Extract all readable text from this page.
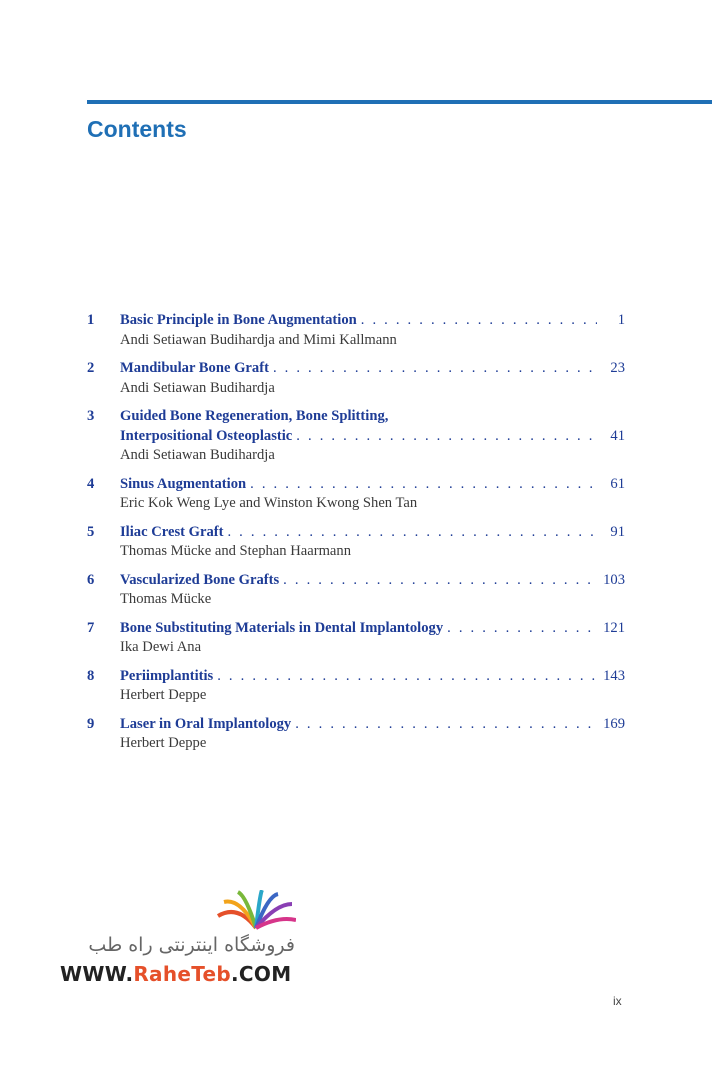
Contents
1	Basic Principle in Bone Augmentation . . .	1
Andi Setiawan Budihardja and Mimi Kallmann
2	Mandibular Bone Graft . . .	23
Andi Setiawan Budihardja
3	Guided Bone Regeneration, Bone Splitting,
Interpositional Osteoplastic . . .	41
Andi Setiawan Budihardja
4	Sinus Augmentation . . .	61
Eric Kok Weng Lye and Winston Kwong Shen Tan
5	Iliac Crest Graft . . .	91
Thomas Mücke and Stephan Haarmann
6	Vascularized Bone Grafts . . .	103
Thomas Mücke
7	Bone Substituting Materials in Dental Implantology . . .	121
Ika Dewi Ana
8	Periimplantitis . . .	143
Herbert Deppe
9	Laser in Oral Implantology . . .	169
Herbert Deppe
فروشگاه اینترنتی راه طب
WWW.RaheTeb.COM
ix
